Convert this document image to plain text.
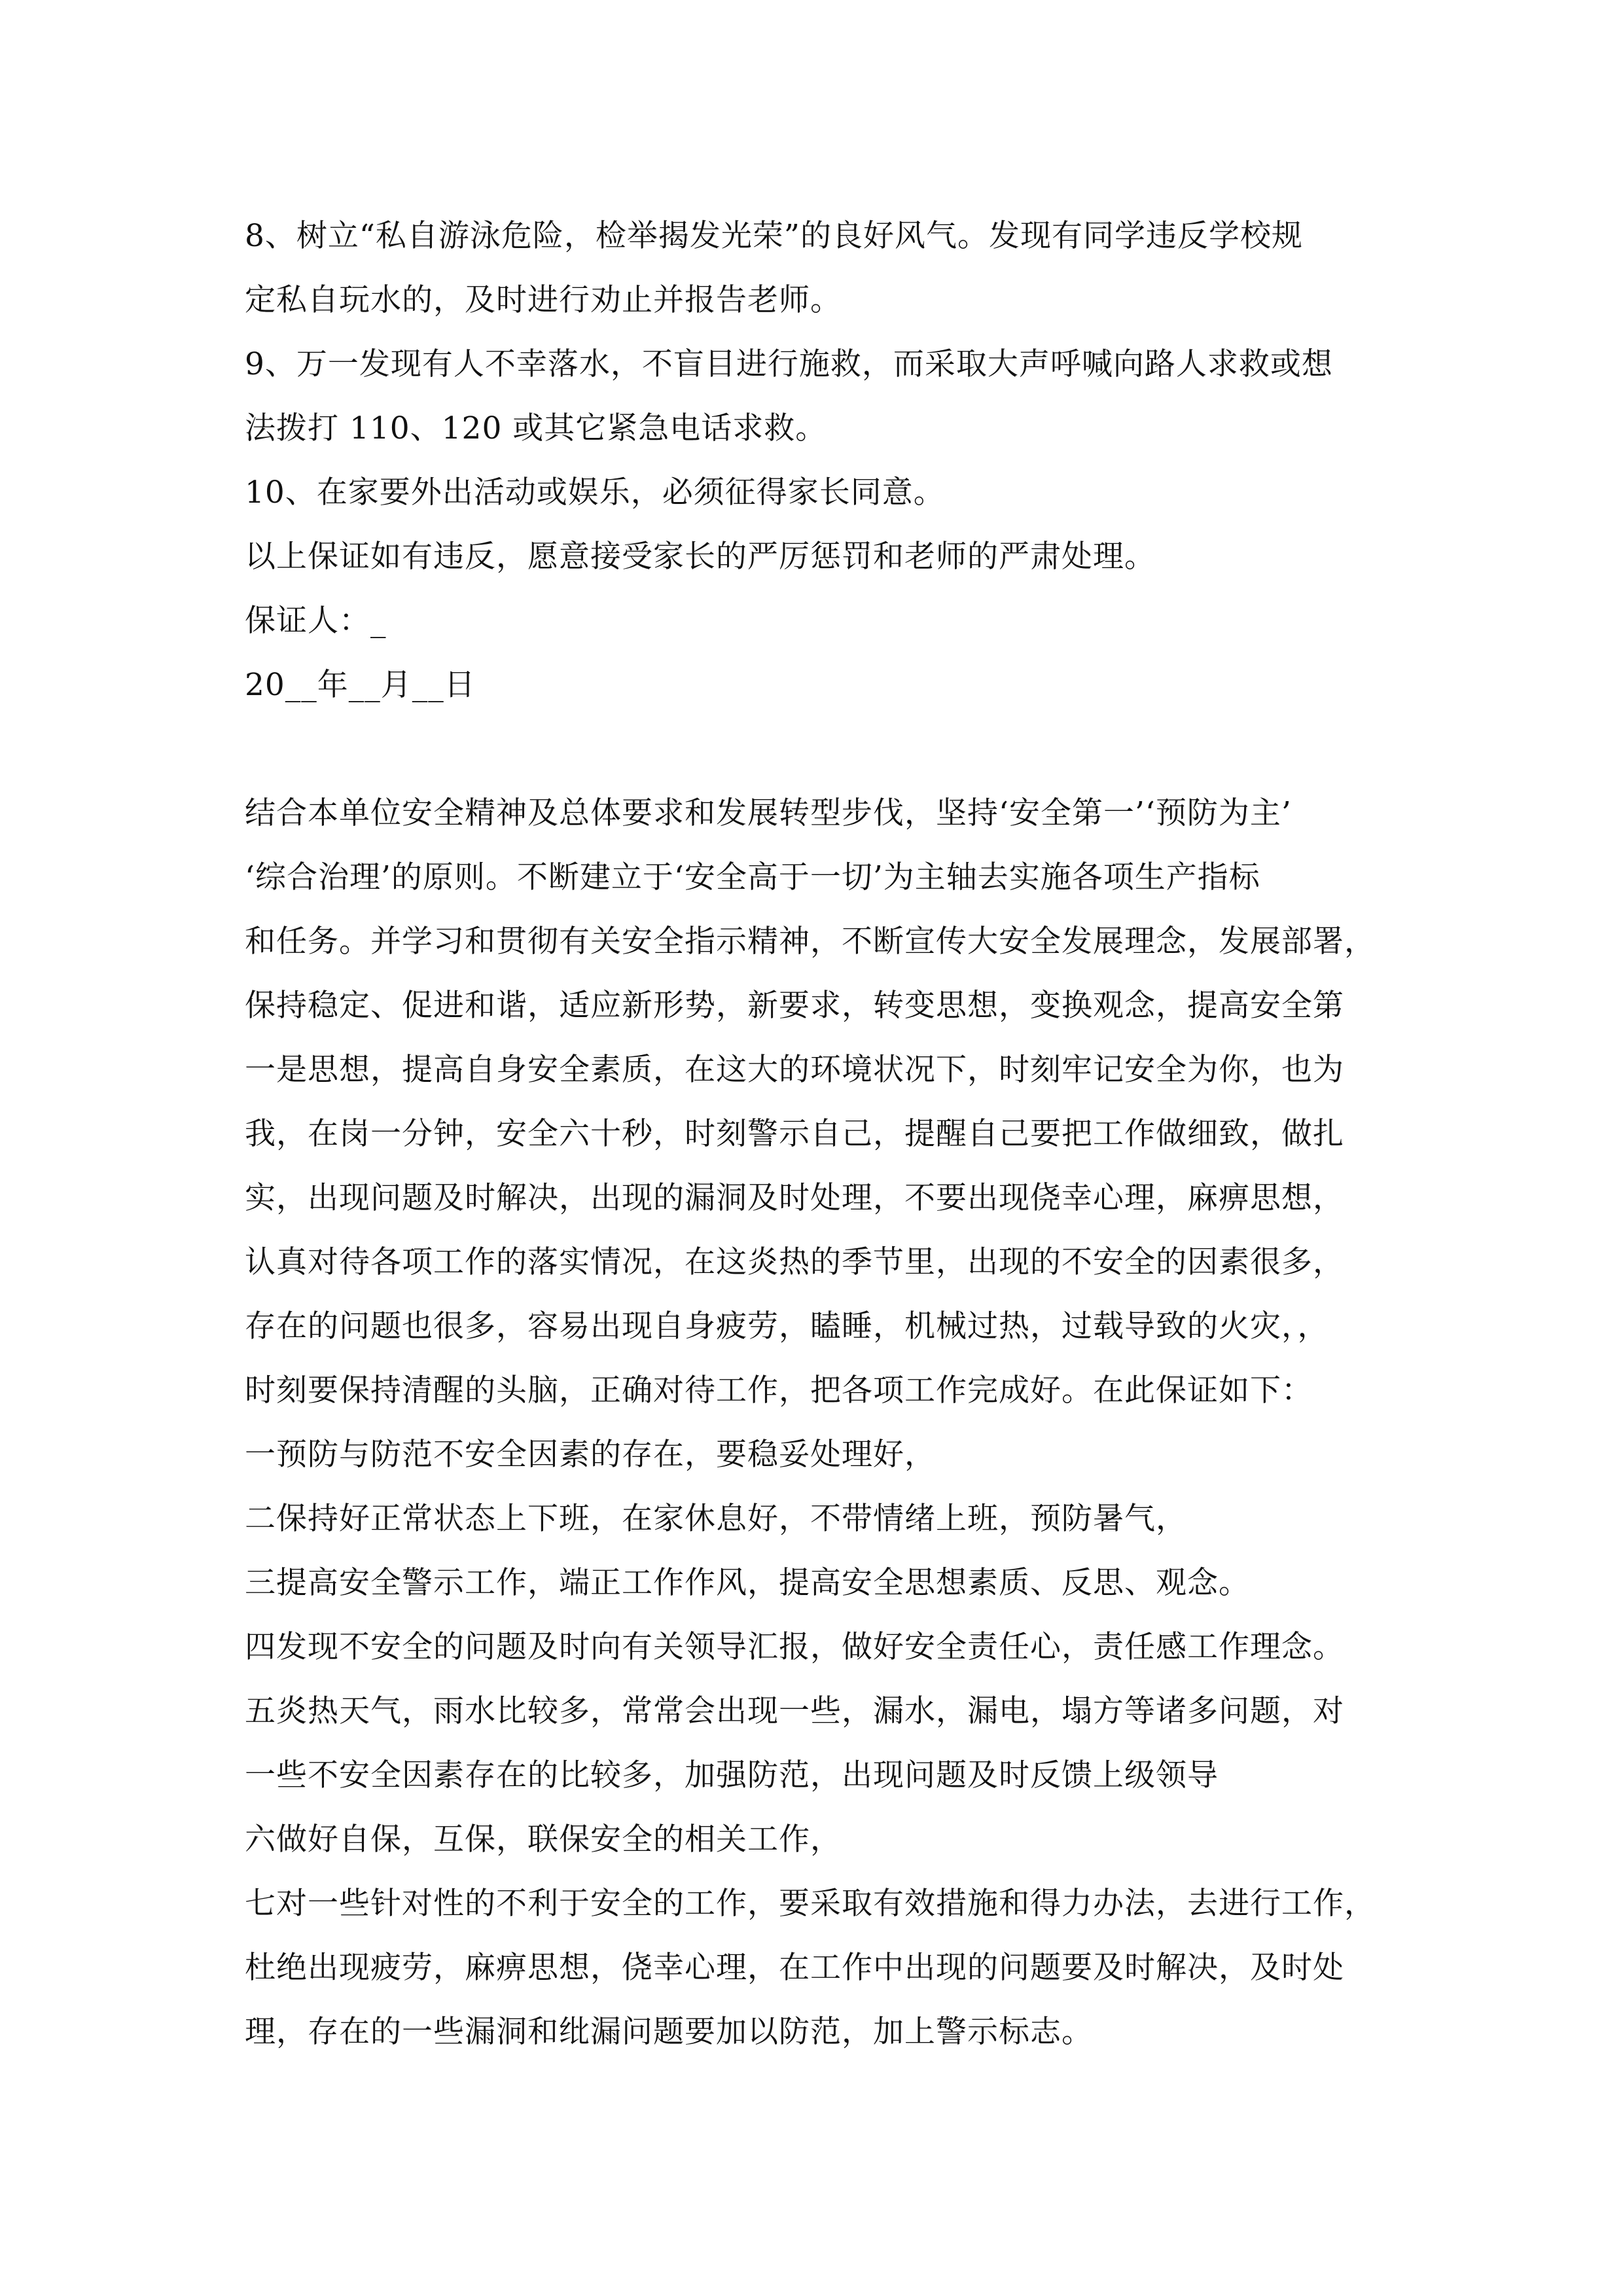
8、树立“私自游泳危险，检举揭发光荣”的良好风气。发现有同学违反学校规
定私自玩水的，及时进行劝止并报告老师。
9、万一发现有人不幸落水，不盲目进行施救，而采取大声呼喊向路人求救或想
法拨打 110、120 或其它紧急电话求救。
10、在家要外出活动或娱乐，必须征得家长同意。
以上保证如有违反，愿意接受家长的严厉惩罚和老师的严肃处理。
保证人：_
20__年__月__日
结合本单位安全精神及总体要求和发展转型步伐，坚持‘安全第一’‘预防为主’
‘综合治理’的原则。不断建立于‘安全高于一切’为主轴去实施各项生产指标
和任务。并学习和贯彻有关安全指示精神，不断宣传大安全发展理念，发展部署，
保持稳定、促进和谐，适应新形势，新要求，转变思想，变换观念，提高安全第
一是思想，提高自身安全素质，在这大的环境状况下，时刻牢记安全为你，也为
我，在岗一分钟，安全六十秒，时刻警示自己，提醒自己要把工作做细致，做扎
实，出现问题及时解决，出现的漏洞及时处理，不要出现侥幸心理，麻痹思想，
认真对待各项工作的落实情况，在这炎热的季节里，出现的不安全的因素很多，
存在的问题也很多，容易出现自身疲劳，瞌睡，机械过热，过载导致的火灾，，
时刻要保持清醒的头脑，正确对待工作，把各项工作完成好。在此保证如下：
一预防与防范不安全因素的存在，要稳妥处理好，
二保持好正常状态上下班，在家休息好，不带情绪上班，预防暑气，
三提高安全警示工作，端正工作作风，提高安全思想素质、反思、观念。
四发现不安全的问题及时向有关领导汇报，做好安全责任心，责任感工作理念。
五炎热天气，雨水比较多，常常会出现一些，漏水，漏电，塌方等诸多问题，对
一些不安全因素存在的比较多，加强防范，出现问题及时反馈上级领导
六做好自保，互保，联保安全的相关工作，
七对一些针对性的不利于安全的工作，要采取有效措施和得力办法，去进行工作，
杜绝出现疲劳，麻痹思想，侥幸心理，在工作中出现的问题要及时解决，及时处
理，存在的一些漏洞和纰漏问题要加以防范，加上警示标志。
